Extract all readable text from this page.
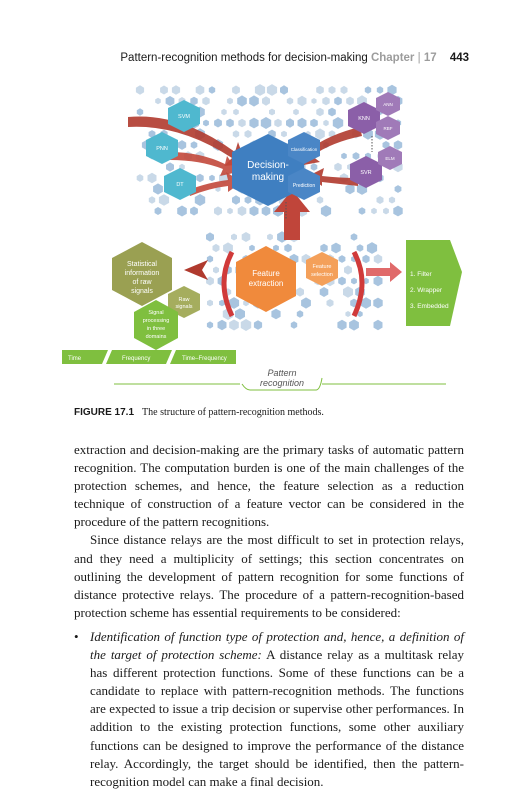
Pattern-recognition methods for decision-making Chapter | 17 443
Decision-
making
Classification
Prediction
SVM
PNN
DT
KNN
SVR
ANN
RBF
ELM
Statistical
information
of raw
signals
Raw
signals
Signal
processing
in three
domains
Feature
extraction
Feature
selection	1. Filter
2. Wrapper
3. Embedded
Time	Frequency	Time–Frequency
Pattern
recognition
FIGURE 17.1 The structure of pattern-recognition methods.

extraction and decision-making are the primary tasks of automatic pattern recognition. The computation burden is one of the main challenges of the protection schemes, and hence, the feature selection as a reduction technique of construction of a feature vector can be considered in the procedure of the pattern recognitions.

Since distance relays are the most difficult to set in protection relays, and they need a multiplicity of settings; this section concentrates on outlining the development of pattern recognition for some functions of distance protective relays. The procedure of a pattern-recognition-based protection scheme has essential requirements to be considered:

• Identification of function type of protection and, hence, a definition of the target of protection scheme: A distance relay as a multitask relay has different protection functions. Some of these functions can be a candidate to replace with pattern-recognition methods. The functions are expected to issue a trip decision or supervise other performances. In addition to the existing protection functions, some other auxiliary functions can be designed to improve the performance of the distance relay. Accordingly, the target should be identified, then the pattern-recognition model can make a final decision.
